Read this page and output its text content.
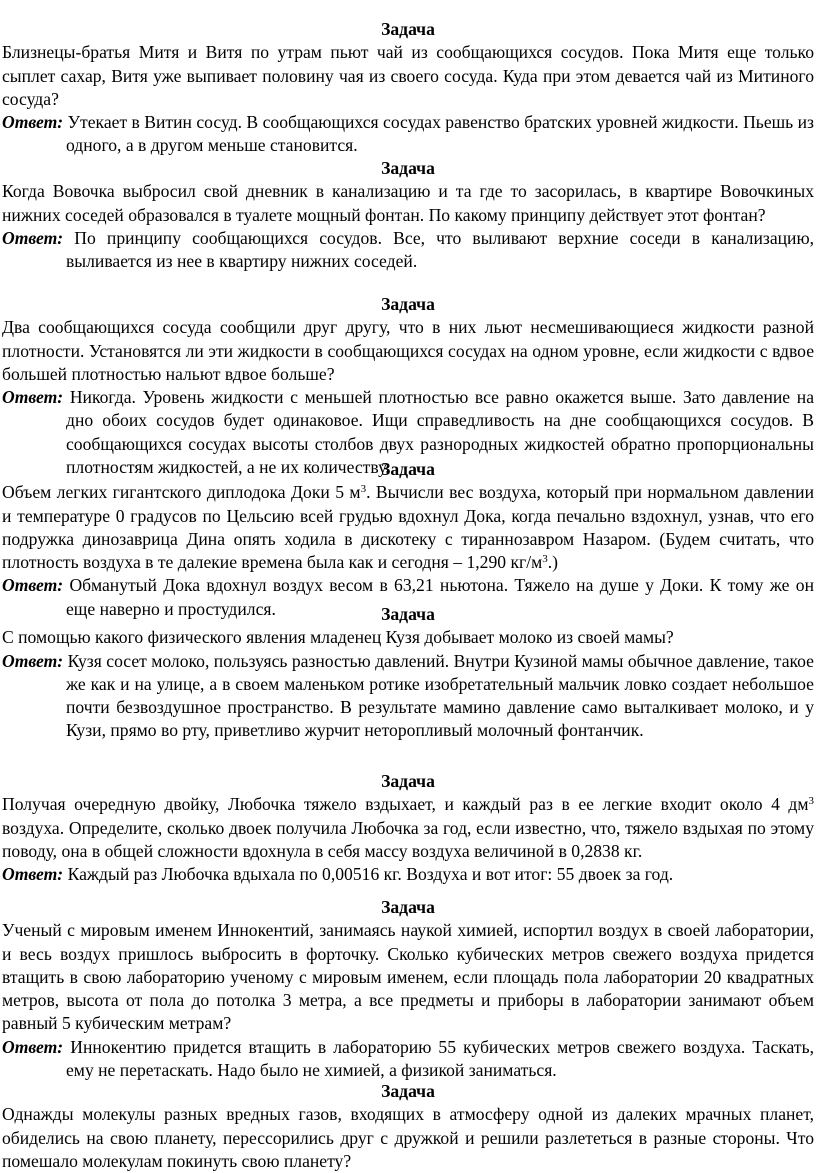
Задача

Близнецы-братья Митя и Витя по утрам пьют чай из сообщающихся сосудов. Пока Митя еще только сыплет сахар, Витя уже выпивает половину чая из своего сосуда. Куда при этом девается чай из Митиного сосуда?

Ответ: Утекает в Витин сосуд. В сообщающихся сосудах равенство братских уровней жидкости. Пьешь из одного, а в другом меньше становится.

Задача

Когда Вовочка выбросил свой дневник в канализацию и та где то засорилась, в квартире Вовочкиных нижних соседей образовался в туалете мощный фонтан. По какому принципу действует этот фонтан?

Ответ: По принципу сообщающихся сосудов. Все, что выливают верхние соседи в канализацию, выливается из нее в квартиру нижних соседей.

Задача

Два сообщающихся сосуда сообщили друг другу, что в них льют несмешивающиеся жидкости разной плотности. Установятся ли эти жидкости в сообщающихся сосудах на одном уровне, если жидкости с вдвое большей плотностью нальют вдвое больше?

Ответ: Никогда. Уровень жидкости с меньшей плотностью все равно окажется выше. Зато давление на дно обоих сосудов будет одинаковое. Ищи справедливость на дне сообщающихся сосудов. В сообщающихся сосудах высоты столбов двух разнородных жидкостей обратно пропорциональны плотностям жидкостей, а не их количеству.

Задача

Объем легких гигантского диплодока Доки 5 $м^3$. Вычисли вес воздуха, который при нормальном давлении и температуре 0 градусов по Цельсию всей грудью вдохнул Дока, когда печально вздохнул, узнав, что его подружка динозаврица Дина опять ходила в дискотеку с тираннозавром Назаром. (Будем считать, что плотность воздуха в те далекие времена была как и сегодня – 1,290 $кг/м^3$.)

Ответ: Обманутый Дока вдохнул воздух весом в 63,21 ньютона. Тяжело на душе у Доки. К тому же он еще наверно и простудился.	Задача

С помощью какого физического явления младенец Кузя добывает молоко из своей мамы?

Ответ: Кузя сосет молоко, пользуясь разностью давлений. Внутри Кузиной мамы обычное давление, такое же как и на улице, а в своем маленьком ротике изобретательный мальчик ловко создает небольшое почти безвоздушное пространство. В результате мамино давление само выталкивает молоко, и у Кузи, прямо во рту, приветливо журчит неторопливый молочный фонтанчик.

Задача

Получая очередную двойку, Любочка тяжело вздыхает, и каждый раз в ее легкие входит около 4 $дм^3$ воздуха. Определите, сколько двоек получила Любочка за год, если известно, что, тяжело вздыхая по этому поводу, она в общей сложности вдохнула в себя массу воздуха величиной в 0,2838 кг.

Ответ: Каждый раз Любочка вдыхала по 0,00516 кг. Воздуха и вот итог: 55 двоек за год.

Задача

Ученый с мировым именем Иннокентий, занимаясь наукой химией, испортил воздух в своей лаборатории, и весь воздух пришлось выбросить в форточку. Сколько кубических метров свежего воздуха придется втащить в свою лабораторию ученому с мировым именем, если площадь пола лаборатории 20 квадратных метров, высота от пола до потолка 3 метра, а все предметы и приборы в лаборатории занимают объем равный 5 кубическим метрам?

Ответ: Иннокентию придется втащить в лабораторию 55 кубических метров свежего воздуха. Таскать, ему не перетаскать. Надо было не химией, а физикой заниматься.

Задача

Однажды молекулы разных вредных газов, входящих в атмосферу одной из далеких мрачных планет, обиделись на свою планету, перессорились друг с дружкой и решили разлететься в разные стороны. Что помешало молекулам покинуть свою планету?
